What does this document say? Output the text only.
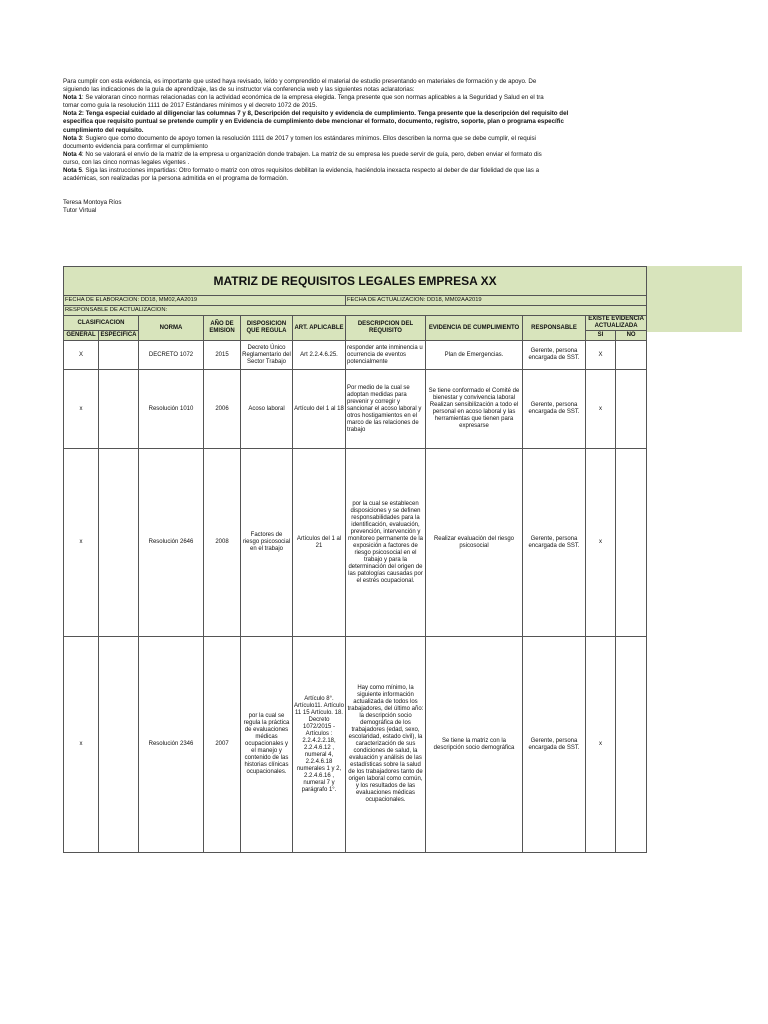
Para cumplir con esta evidencia, es importante que usted haya revisado, leído y comprendido el material de estudio presentando en materiales de formación y de apoyo. De

siguiendo las indicaciones de la guía de aprendizaje, las de su instructor vía conferencia web y las siguientes notas aclaratorias:

Nota 1: Se valoraran cinco normas relacionadas con la actividad económica de la empresa elegida. Tenga presente que son normas aplicables a la Seguridad y Salud en el tra

tomar como guía la resolución 1111 de 2017 Estándares mínimos y el decreto 1072 de 2015.

Nota 2: Tenga especial cuidado al diligenciar las columnas 7 y 8, Descripción del requisito y evidencia de cumplimiento. Tenga presente que la descripción del requisito del

especifica que requisito puntual se pretende cumplir y en Evidencia de cumplimiento debe mencionar el formato, documento, registro, soporte, plan o programa específic

cumplimiento del requisito.

Nota 3: Sugiero que como documento de apoyo tomen la resolución 1111 de 2017 y tomen los estándares mínimos. Ellos describen la norma que se debe cumplir, el requisi

documento evidencia para confirmar el cumplimiento

Nota 4: No se valorará el envío de la matriz de la empresa u organización donde trabajen. La matriz de su empresa les puede servir de guía, pero, deben enviar el formato dis

curso, con las cinco normas legales vigentes .

Nota 5. Siga las instrucciones impartidas: Otro formato o matriz con otros requisitos debilitan la evidencia, haciéndola inexacta respecto al deber de dar fidelidad de que las a

académicas, son realizadas por la persona admitida en el programa de formación.

Teresa Montoya Ríos
Tutor Virtual
MATRIZ DE REQUISITOS LEGALES EMPRESA XX										
FECHA DE ELABORACION: DD18, MM02,AA2019						FECHA DE ACTUALIZACION: DD18, MM02AA2019				
RESPONSABLE DE ACTUALIZACION:										
CLASIFICACION		NORMA	AÑO DE EMISION	DISPOSICION QUE REGULA	ART. APLICABLE	DESCRIPCION DEL REQUISITO	EVIDENCIA DE CUMPLIMIENTO	RESPONSABLE	EXISTE EVIDENCIA ACTUALIZADA	
GENERAL	ESPECIFICA								SI	NO
X		DECRETO 1072	2015	Decreto Único Reglamentario del Sector Trabajo	Art 2.2.4.6.25.	responder ante inminencia u ocurrencia de eventos potencialmente	Plan de Emergencias.	Gerente, persona encargada de SST.	X	
x		Resolución 1010	2006	Acoso laboral	Artículo del 1 al 18	Por medio de la cual se adoptan medidas para prevenir y corregir y sancionar el acoso laboral y otros hostigamientos en el marco de las relaciones de trabajo	Se tiene conformado el Comité de bienestar y convivencia laboral Realizan sensibilización a todo el personal en acoso laboral y las herramientas que tienen para expresarse	Gerente, persona encargada de SST.	x	
x		Resolución 2646	2008	Factores de riesgo psicosocial en el trabajo	Artículos del 1 al 21	por la cual se establecen disposiciones y se definen responsabilidades para la identificación, evaluación, prevención, intervención y monitoreo permanente de la exposición a factores de riesgo psicosocial en el trabajo y para la determinación del origen de las patologías causadas por el estrés ocupacional.	Realizar evaluación del riesgo psicosocial	Gerente, persona encargada de SST.	x	
x		Resolución 2346	2007	por la cual se regula la práctica de evaluaciones médicas ocupacionales y el manejo y contenido de las historias clínicas ocupacionales.	Artículo 8°. Artículo11. Artículo 11 15 Artículo. 18. Decreto 1072/2015 - Artículos : 2.2.4.2.2.18, 2.2.4.6.12 , numeral 4, 2.2.4.6.18 numerales 1 y 2, 2.2.4.6.16 , numeral 7 y parágrafo 1°.	Hay como mínimo, la siguiente información actualizada de todos los trabajadores, del último año: la descripción socio demográfica de los trabajadores (edad, sexo, escolaridad, estado civil), la caracterización de sus condiciones de salud, la evaluación y análisis de las estadísticas sobre la salud de los trabajadores tanto de origen laboral como común, y los resultados de las evaluaciones médicas ocupacionales.	Se tiene la matriz con la descripción socio demográfica	Gerente, persona encargada de SST.	x	
